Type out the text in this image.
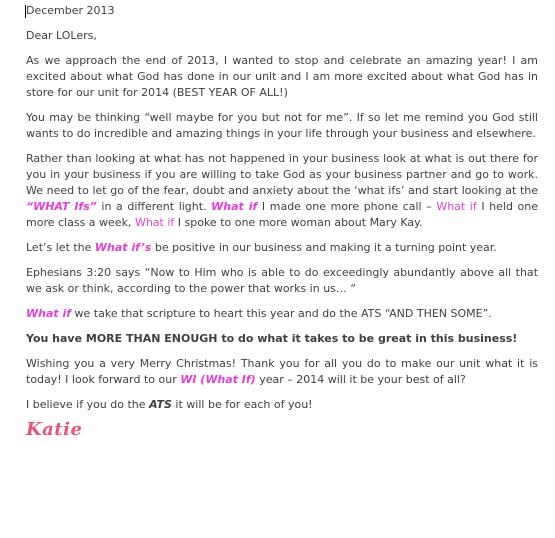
December 2013

Dear LOLers,

As we approach the end of 2013, I wanted to stop and celebrate an amazing year! I am excited about what God has done in our unit and I am more excited about what God has in store for our unit for 2014 (BEST YEAR OF ALL!)

You may be thinking “well maybe for you but not for me”. If so let me remind you God still wants to do incredible and amazing things in your life through your business and elsewhere.

Rather than looking at what has not happened in your business look at what is out there for you in your business if you are willing to take God as your business partner and go to work. We need to let go of the fear, doubt and anxiety about the ‘what ifs’ and start looking at the “WHAT Ifs” in a different light. What if I made one more phone call – What if I held one more class a week, What if I spoke to one more woman about Mary Kay.

Let’s let the What if’s be positive in our business and making it a turning point year.

Ephesians 3:20 says “Now to Him who is able to do exceedingly abundantly above all that we ask or think, according to the power that works in us… “

What if we take that scripture to heart this year and do the ATS “AND THEN SOME”.

You have MORE THAN ENOUGH to do what it takes to be great in this business!

Wishing you a very Merry Christmas! Thank you for all you do to make our unit what it is today! I look forward to our WI (What If) year – 2014 will it be your best of all?

I believe if you do the ATS it will be for each of you!

Katie
